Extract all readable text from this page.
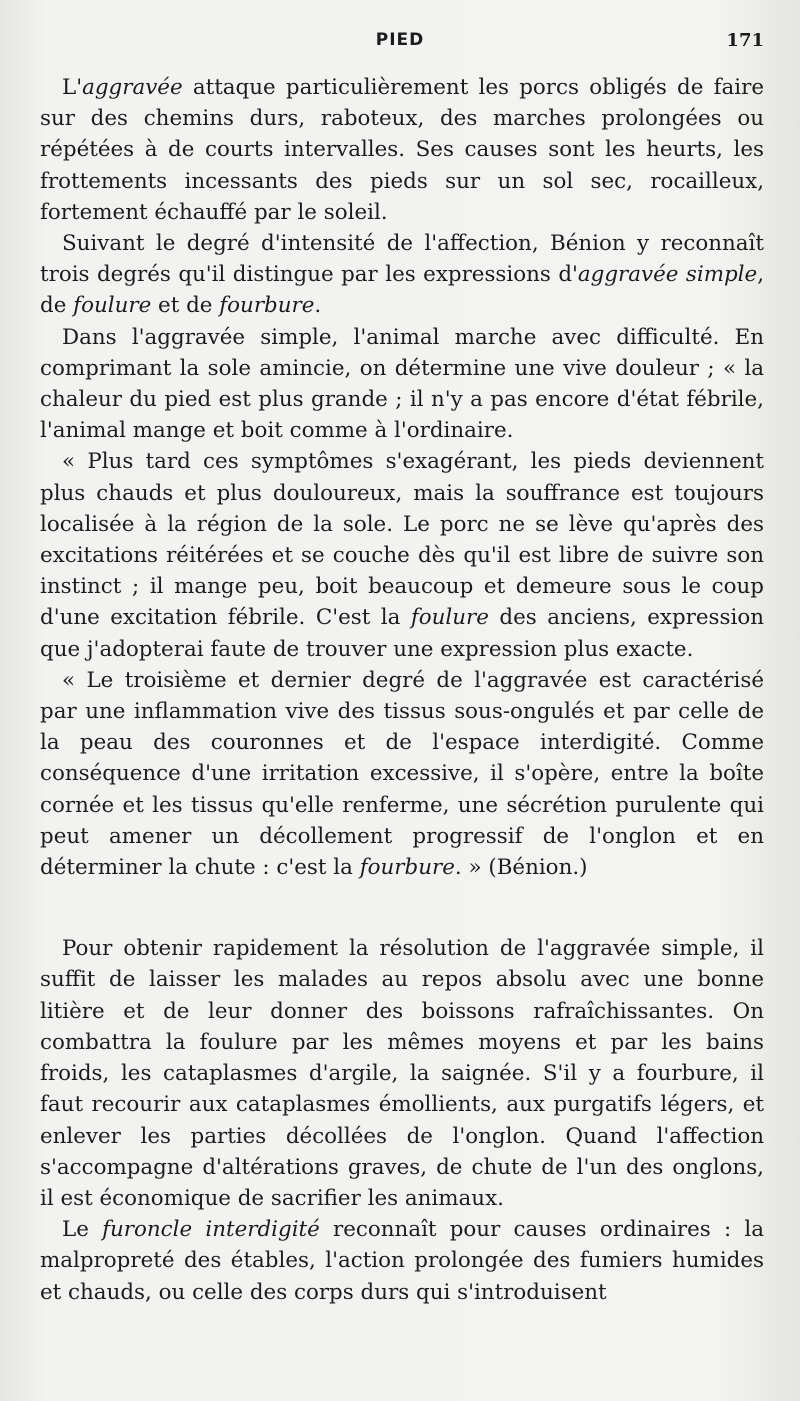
PIED	171

L'aggravée attaque particulièrement les porcs obligés de faire sur des chemins durs, raboteux, des marches prolongées ou répétées à de courts intervalles. Ses causes sont les heurts, les frottements incessants des pieds sur un sol sec, rocailleux, fortement échauffé par le soleil.

Suivant le degré d'intensité de l'affection, Bénion y reconnaît trois degrés qu'il distingue par les expressions d'aggravée simple, de foulure et de fourbure.

Dans l'aggravée simple, l'animal marche avec difficulté. En comprimant la sole amincie, on détermine une vive douleur ; « la chaleur du pied est plus grande ; il n'y a pas encore d'état fébrile, l'animal mange et boit comme à l'ordinaire.

« Plus tard ces symptômes s'exagérant, les pieds deviennent plus chauds et plus douloureux, mais la souffrance est toujours localisée à la région de la sole. Le porc ne se lève qu'après des excitations réitérées et se couche dès qu'il est libre de suivre son instinct ; il mange peu, boit beaucoup et demeure sous le coup d'une excitation fébrile. C'est la foulure des anciens, expression que j'adopterai faute de trouver une expression plus exacte.

« Le troisième et dernier degré de l'aggravée est caractérisé par une inflammation vive des tissus sous-ongulés et par celle de la peau des couronnes et de l'espace interdigité. Comme conséquence d'une irritation excessive, il s'opère, entre la boîte cornée et les tissus qu'elle renferme, une sécrétion purulente qui peut amener un décollement progressif de l'onglon et en déterminer la chute : c'est la fourbure. » (Bénion.)

Pour obtenir rapidement la résolution de l'aggravée simple, il suffit de laisser les malades au repos absolu avec une bonne litière et de leur donner des boissons rafraîchissantes. On combattra la foulure par les mêmes moyens et par les bains froids, les cataplasmes d'argile, la saignée. S'il y a fourbure, il faut recourir aux cataplasmes émollients, aux purgatifs légers, et enlever les parties décollées de l'onglon. Quand l'affection s'accompagne d'altérations graves, de chute de l'un des onglons, il est économique de sacrifier les animaux.

Le furoncle interdigité reconnaît pour causes ordinaires : la malpropreté des étables, l'action prolongée des fumiers humides et chauds, ou celle des corps durs qui s'introduisent
